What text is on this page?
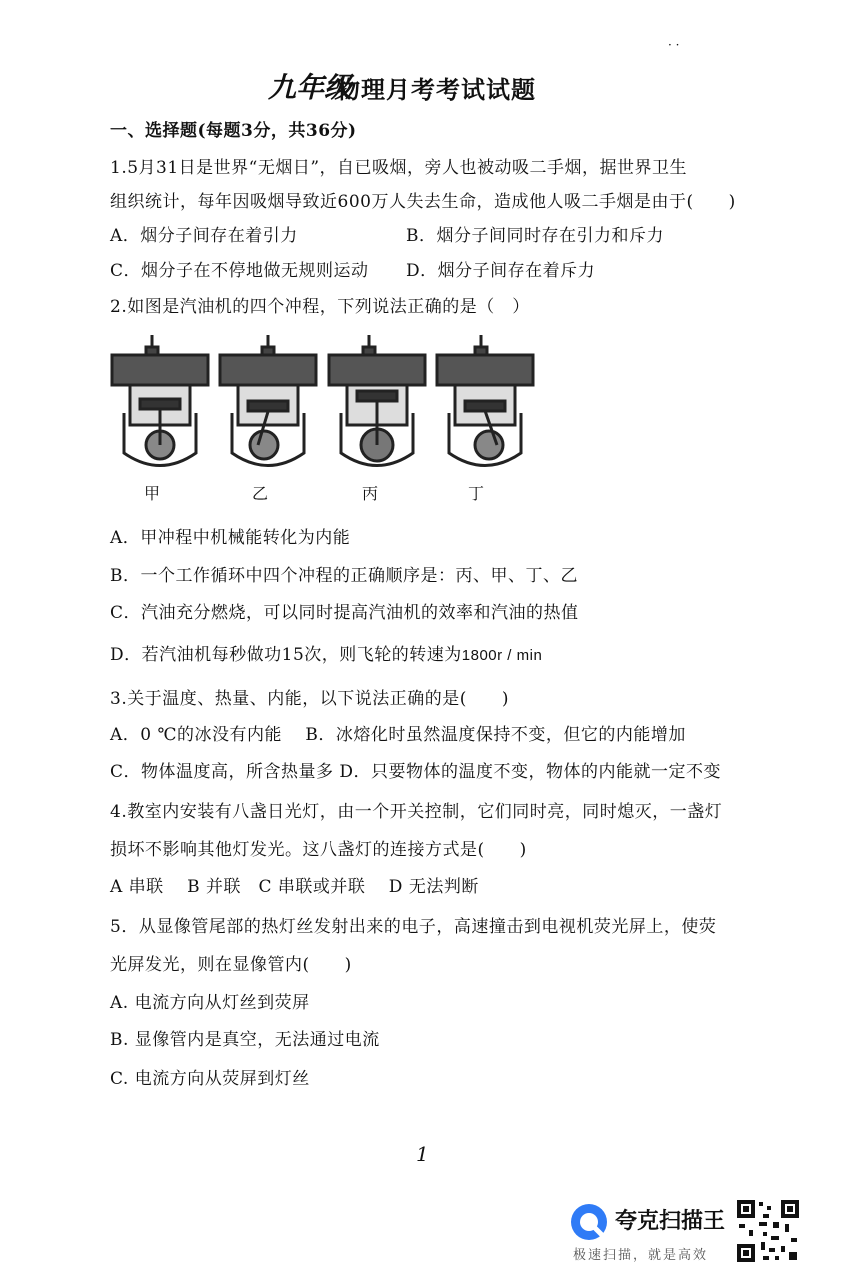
· ·
九年级
物理月考考试试题
一、选择题(每题3分，共36分)
1.5月31日是世界“无烟日”，自已吸烟，旁人也被动吸二手烟，据世界卫生
组织统计，每年因吸烟导致近600万人失去生命，造成他人吸二手烟是由于(　　)
A．烟分子间存在着引力	B．烟分子间同时存在引力和斥力
C．烟分子在不停地做无规则运动 D．烟分子间存在着斥力
2.如图是汽油机的四个冲程，下列说法正确的是（　）
甲	乙	丙	丁
A．甲冲程中机械能转化为内能
B．一个工作循环中四个冲程的正确顺序是：丙、甲、丁、乙
C．汽油充分燃烧，可以同时提高汽油机的效率和汽油的热值
D．若汽油机每秒做功15次，则飞轮的转速为1800r / min
3.关于温度、热量、内能，以下说法正确的是(　　)
A．0 ℃的冰没有内能　 B．冰熔化时虽然温度保持不变，但它的内能增加
C．物体温度高，所含热量多 D．只要物体的温度不变，物体的内能就一定不变
4.教室内安装有八盏日光灯，由一个开关控制，它们同时亮，同时熄灭，一盏灯
损坏不影响其他灯发光。这八盏灯的连接方式是(　　)
A 串联　 B 并联　C 串联或并联　 D 无法判断
5．从显像管尾部的热灯丝发射出来的电子，高速撞击到电视机荧光屏上，使荧
光屏发光，则在显像管内(　　)
A. 电流方向从灯丝到荧屏
B. 显像管内是真空，无法通过电流
C. 电流方向从荧屏到灯丝
1
夸克扫描王
极速扫描，就是高效
